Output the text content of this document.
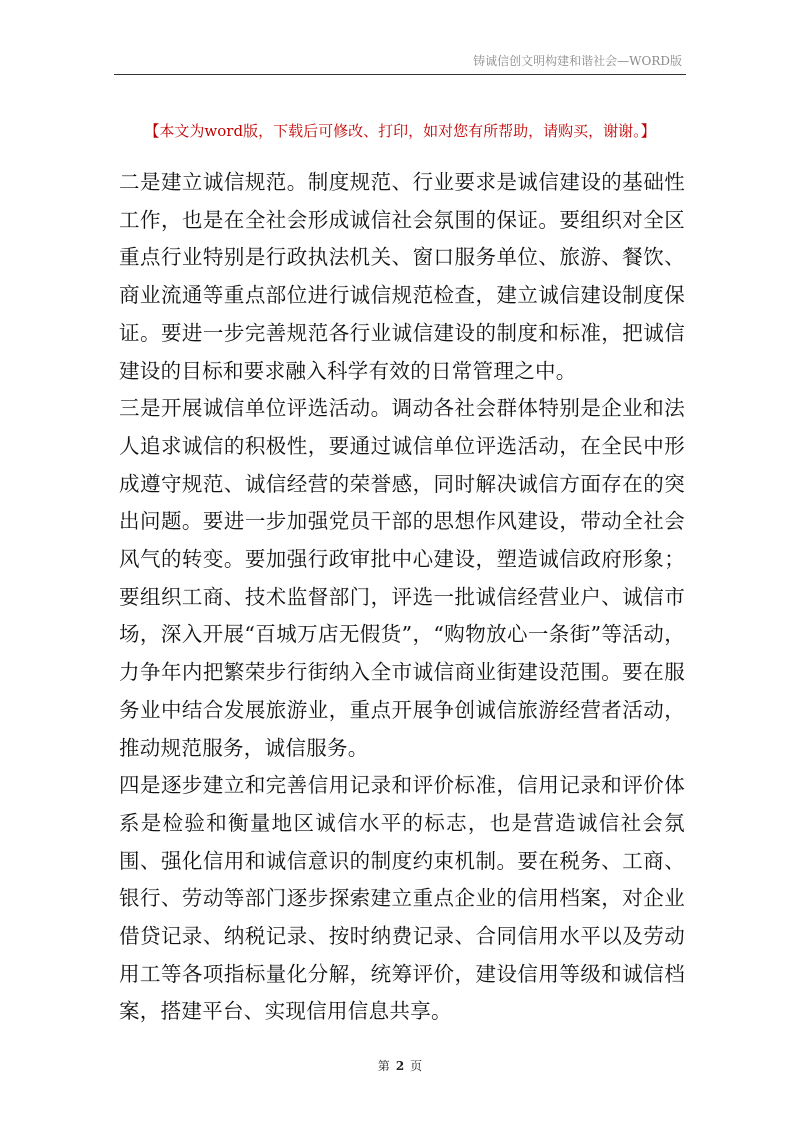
铸诚信创文明构建和谐社会—WORD版
【本文为word版，下载后可修改、打印，如对您有所帮助，请购买，谢谢。】

二是建立诚信规范。制度规范、行业要求是诚信建设的基础性工作，也是在全社会形成诚信社会氛围的保证。要组织对全区重点行业特别是行政执法机关、窗口服务单位、旅游、餐饮、商业流通等重点部位进行诚信规范检查，建立诚信建设制度保证。要进一步完善规范各行业诚信建设的制度和标准，把诚信建设的目标和要求融入科学有效的日常管理之中。

三是开展诚信单位评选活动。调动各社会群体特别是企业和法人追求诚信的积极性，要通过诚信单位评选活动，在全民中形成遵守规范、诚信经营的荣誉感，同时解决诚信方面存在的突出问题。要进一步加强党员干部的思想作风建设，带动全社会风气的转变。要加强行政审批中心建设，塑造诚信政府形象；要组织工商、技术监督部门，评选一批诚信经营业户、诚信市场，深入开展“百城万店无假货”，“购物放心一条街”等活动，力争年内把繁荣步行街纳入全市诚信商业街建设范围。要在服务业中结合发展旅游业，重点开展争创诚信旅游经营者活动，推动规范服务，诚信服务。

四是逐步建立和完善信用记录和评价标准，信用记录和评价体系是检验和衡量地区诚信水平的标志，也是营造诚信社会氛围、强化信用和诚信意识的制度约束机制。要在税务、工商、银行、劳动等部门逐步探索建立重点企业的信用档案，对企业借贷记录、纳税记录、按时纳费记录、合同信用水平以及劳动用工等各项指标量化分解，统筹评价，建设信用等级和诚信档案，搭建平台、实现信用信息共享。

第 2 页
